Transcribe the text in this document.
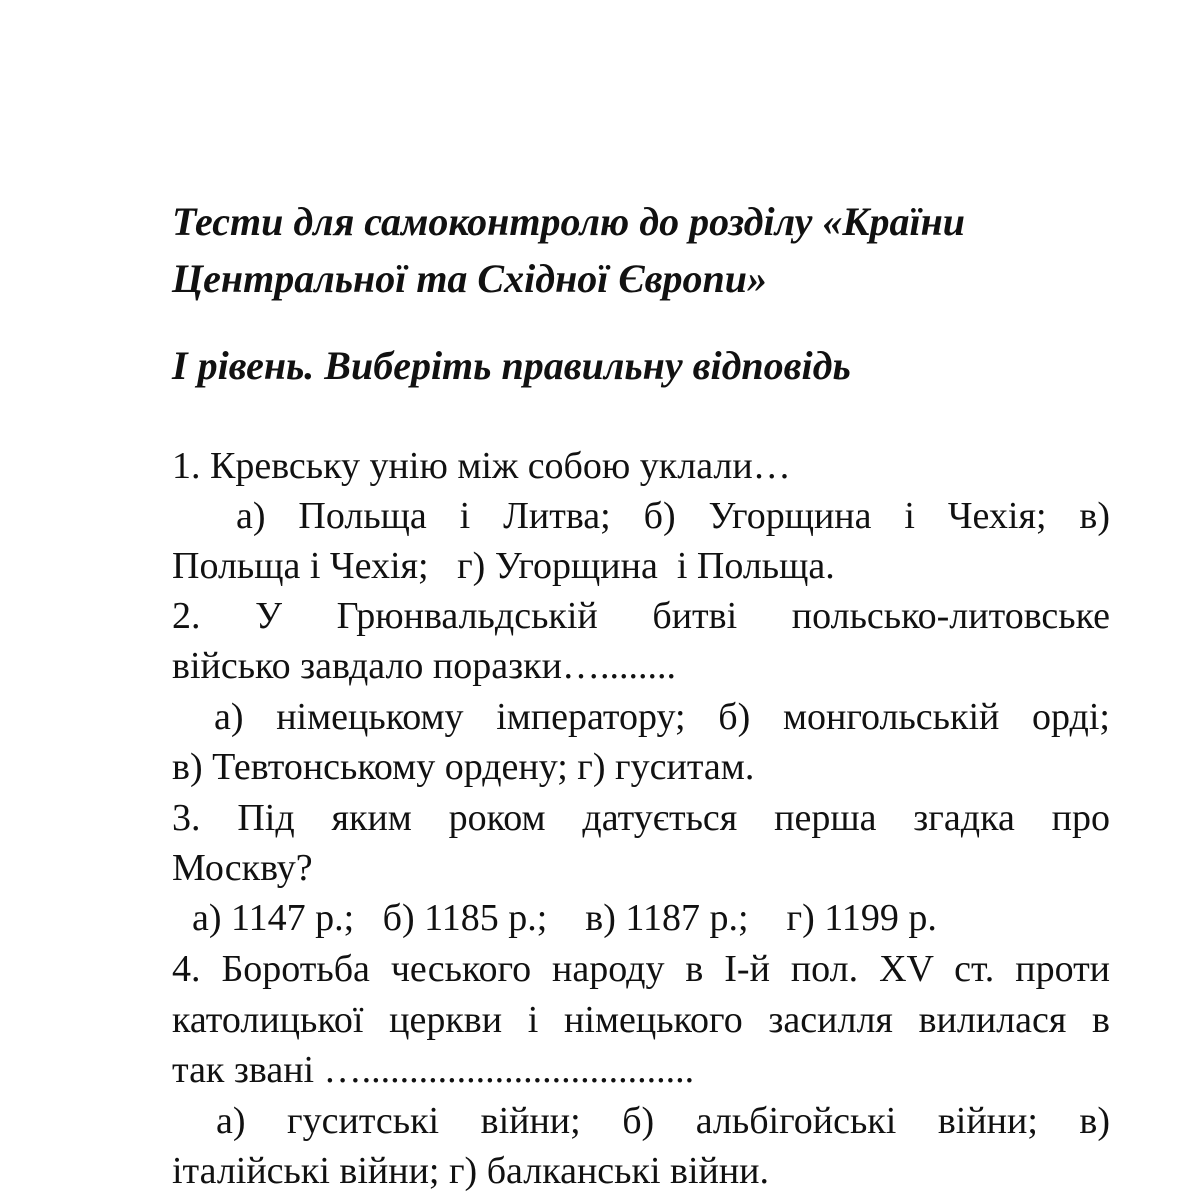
Тести для самоконтролю до розділу «Країни
Центральної та Східної Європи»
І рівень. Виберіть правильну відповідь
1. Кревську унію між собою уклали…
а) Польща і Литва; б) Угорщина і Чехія; в)
Польща і Чехія;   г) Угорщина  і Польща.
2. У Грюнвальдській битві польсько-литовське
військо завдало поразки…........
а) німецькому імператору; б) монгольській орді;
в) Тевтонському ордену; г) гуситам.
3. Під яким роком датується перша згадка про
Москву?
а) 1147 р.;   б) 1185 р.;    в) 1187 р.;    г) 1199 р.
4. Боротьба чеського народу в І-й пол. XV ст. проти
католицької церкви і німецького засилля вилилася в
так звані …...................................
а) гуситські війни; б) альбігойські війни; в)
італійські війни; г) балканські війни.
